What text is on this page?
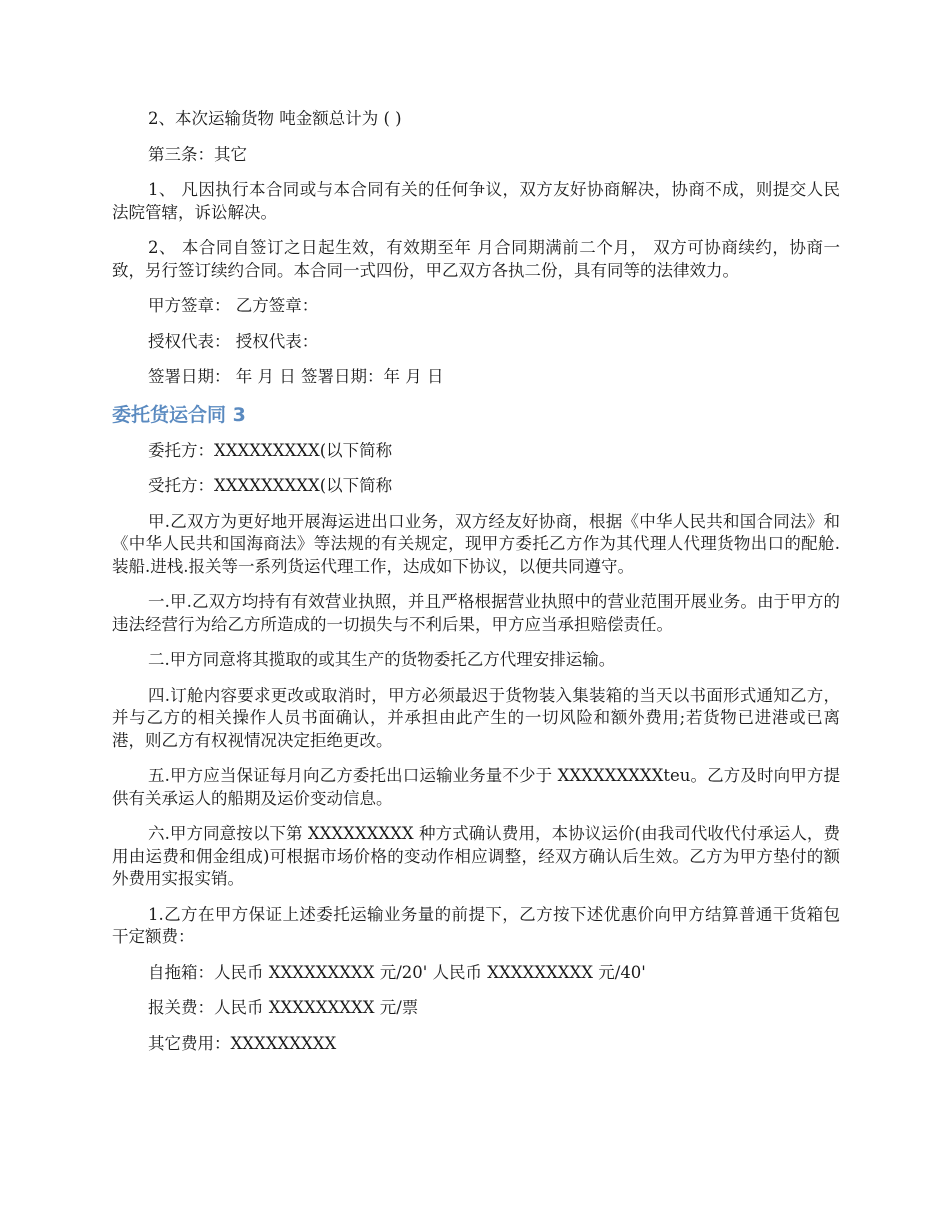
2、本次运输货物 吨金额总计为 ( )

第三条：其它

1、 凡因执行本合同或与本合同有关的任何争议，双方友好协商解决，协商不成，则提交人民法院管辖，诉讼解决。

2、 本合同自签订之日起生效，有效期至年 月合同期满前二个月， 双方可协商续约，协商一致，另行签订续约合同。本合同一式四份，甲乙双方各执二份，具有同等的法律效力。

甲方签章： 乙方签章：

授权代表： 授权代表：

签署日期： 年 月 日 签署日期：年 月 日

委托货运合同 3

委托方：XXXXXXXXX(以下简称

受托方：XXXXXXXXX(以下简称

甲.乙双方为更好地开展海运进出口业务，双方经友好协商，根据《中华人民共和国合同法》和《中华人民共和国海商法》等法规的有关规定，现甲方委托乙方作为其代理人代理货物出口的配舱.装船.进栈.报关等一系列货运代理工作，达成如下协议，以便共同遵守。

一.甲.乙双方均持有有效营业执照，并且严格根据营业执照中的营业范围开展业务。由于甲方的违法经营行为给乙方所造成的一切损失与不利后果，甲方应当承担赔偿责任。

二.甲方同意将其揽取的或其生产的货物委托乙方代理安排运输。

四.订舱内容要求更改或取消时，甲方必须最迟于货物装入集装箱的当天以书面形式通知乙方，并与乙方的相关操作人员书面确认，并承担由此产生的一切风险和额外费用;若货物已进港或已离港，则乙方有权视情况决定拒绝更改。

五.甲方应当保证每月向乙方委托出口运输业务量不少于 XXXXXXXXXteu。乙方及时向甲方提供有关承运人的船期及运价变动信息。

六.甲方同意按以下第 XXXXXXXXX 种方式确认费用，本协议运价(由我司代收代付承运人，费用由运费和佣金组成)可根据市场价格的变动作相应调整，经双方确认后生效。乙方为甲方垫付的额外费用实报实销。

1.乙方在甲方保证上述委托运输业务量的前提下，乙方按下述优惠价向甲方结算普通干货箱包干定额费：

自拖箱：人民币 XXXXXXXXX 元/20' 人民币 XXXXXXXXX 元/40'

报关费：人民币 XXXXXXXXX 元/票

其它费用：XXXXXXXXX
